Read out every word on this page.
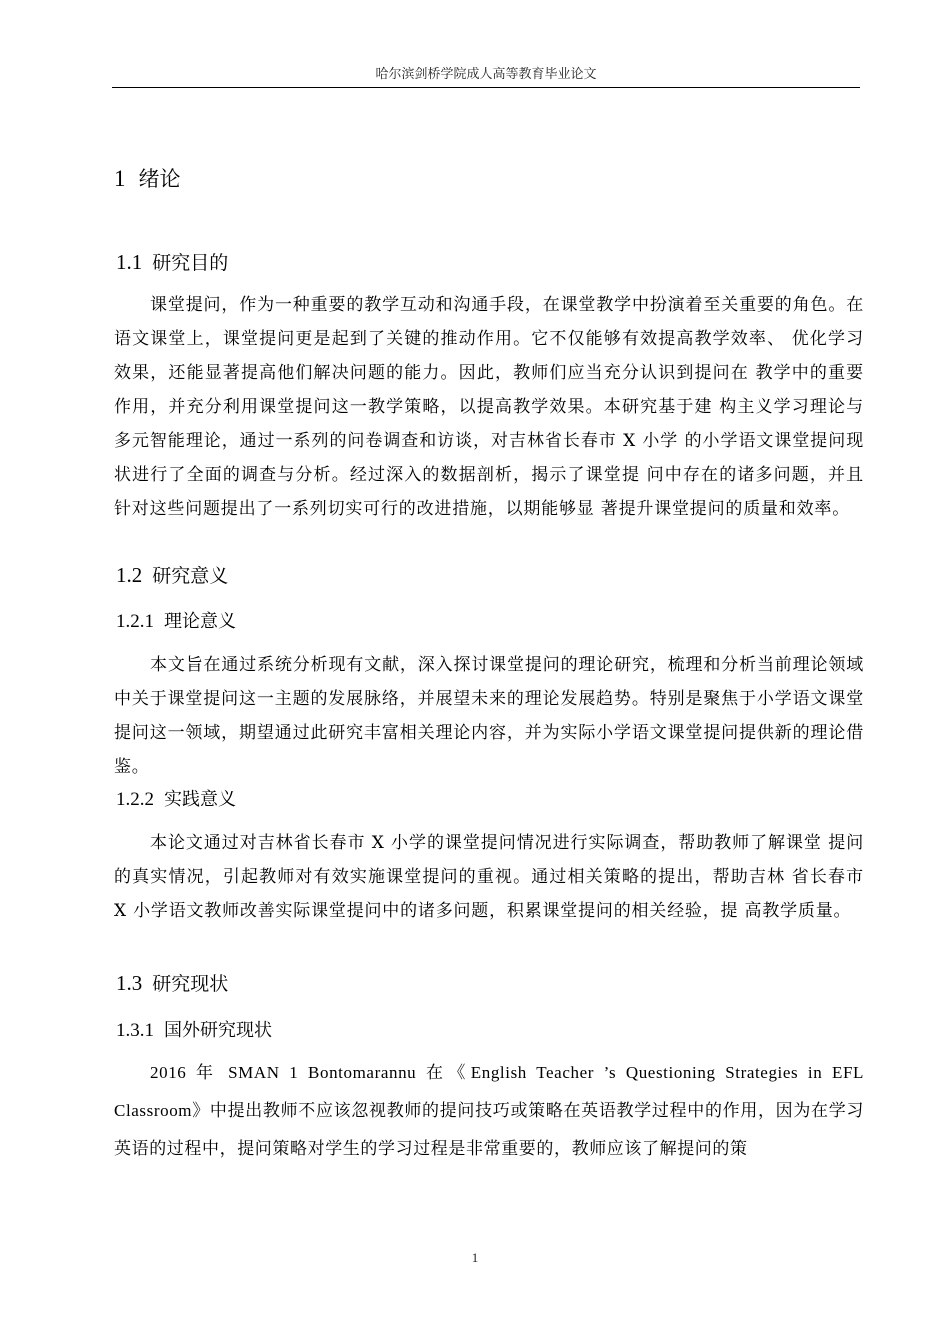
哈尔滨剑桥学院成人高等教育毕业论文
1 绪论
1.1 研究目的
课堂提问，作为一种重要的教学互动和沟通手段，在课堂教学中扮演着至关重要的角色。在语文课堂上，课堂提问更是起到了关键的推动作用。它不仅能够有效提高教学效率、 优化学习效果，还能显著提高他们解决问题的能力。因此，教师们应当充分认识到提问在 教学中的重要作用，并充分利用课堂提问这一教学策略，以提高教学效果。本研究基于建 构主义学习理论与多元智能理论，通过一系列的问卷调查和访谈，对吉林省长春市 X 小学 的小学语文课堂提问现状进行了全面的调查与分析。经过深入的数据剖析，揭示了课堂提 问中存在的诸多问题，并且针对这些问题提出了一系列切实可行的改进措施，以期能够显 著提升课堂提问的质量和效率。
1.2 研究意义
1.2.1 理论意义
本文旨在通过系统分析现有文献，深入探讨课堂提问的理论研究，梳理和分析当前理论领域中关于课堂提问这一主题的发展脉络，并展望未来的理论发展趋势。特别是聚焦于小学语文课堂提问这一领域，期望通过此研究丰富相关理论内容，并为实际小学语文课堂提问提供新的理论借鉴。
1.2.2 实践意义
本论文通过对吉林省长春市 X 小学的课堂提问情况进行实际调查，帮助教师了解课堂 提问的真实情况，引起教师对有效实施课堂提问的重视。通过相关策略的提出，帮助吉林 省长春市 X 小学语文教师改善实际课堂提问中的诸多问题，积累课堂提问的相关经验，提 高教学质量。
1.3 研究现状
1.3.1 国外研究现状
2016 年 SMAN 1 Bontomarannu 在《English Teacher ’s Questioning Strategies in EFL Classroom》中提出教师不应该忽视教师的提问技巧或策略在英语教学过程中的作用，因为在学习英语的过程中，提问策略对学生的学习过程是非常重要的，教师应该了解提问的策
1
